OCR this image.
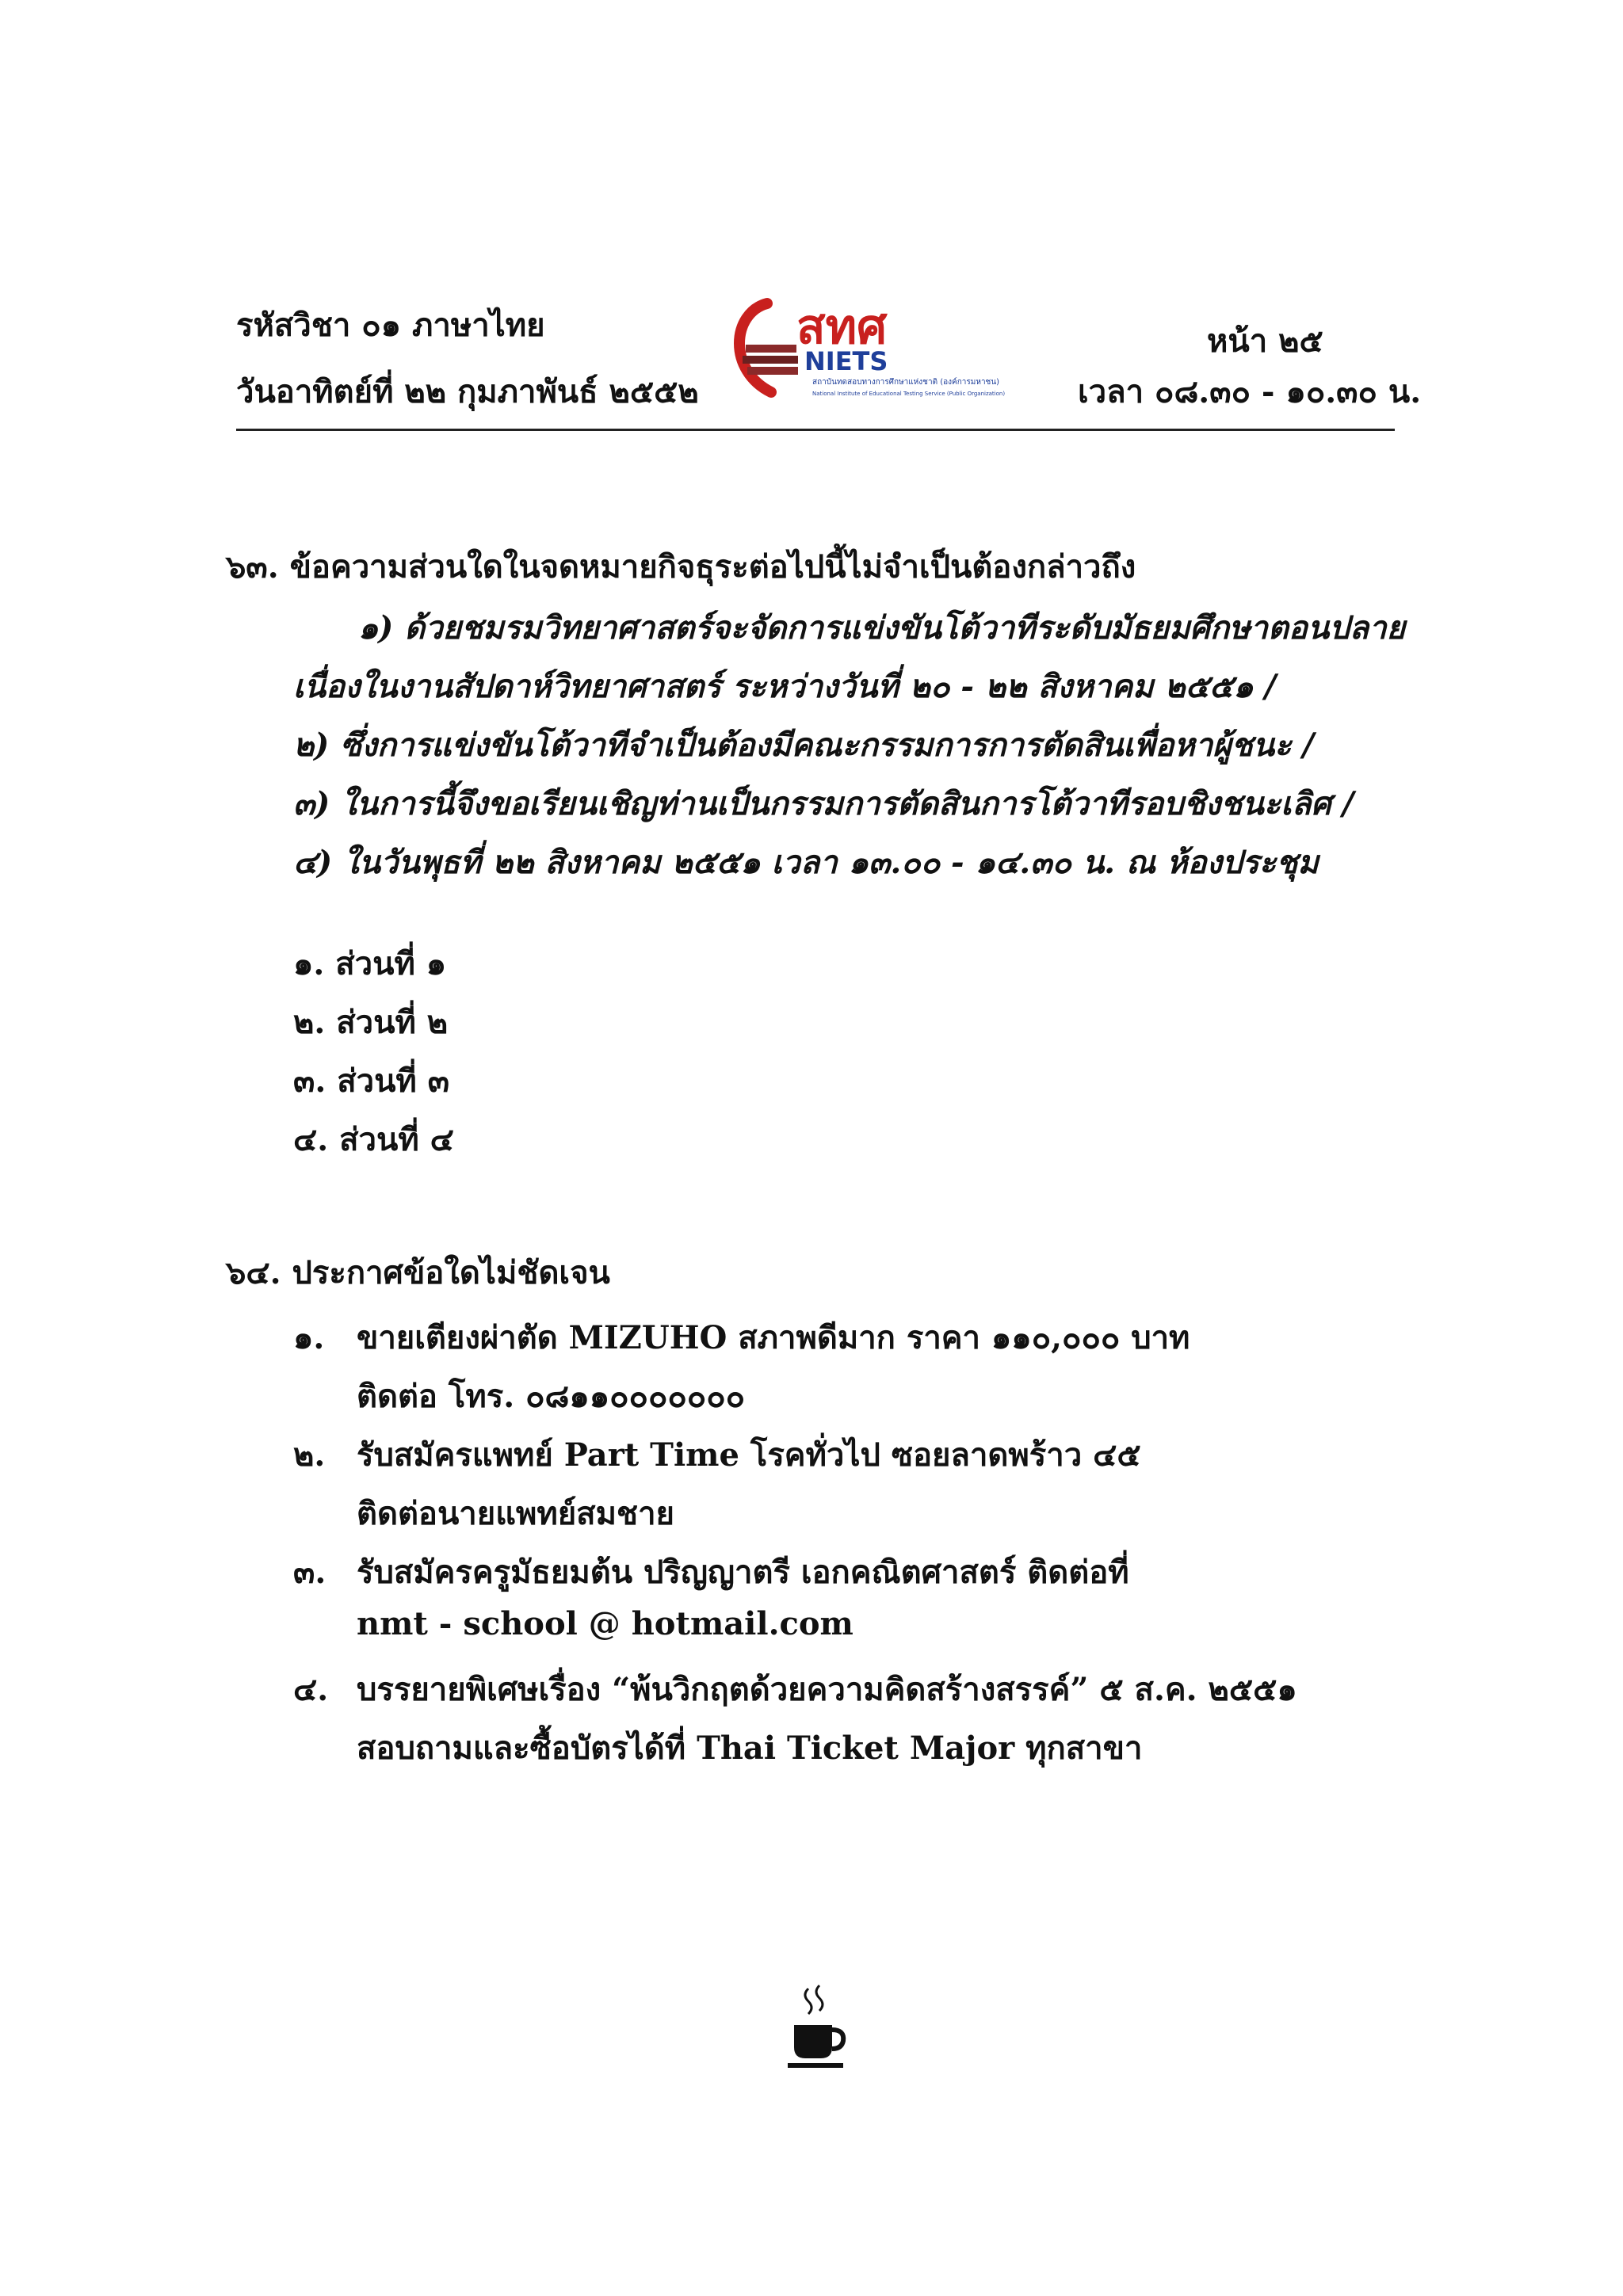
รหัสวิชา ๐๑ ภาษาไทย
วันอาทิตย์ที่ ๒๒ กุมภาพันธ์ ๒๕๕๒
หน้า ๒๕
เวลา ๐๘.๓๐ - ๑๐.๓๐ น.
สทศ
NIETS
สถาบันทดสอบทางการศึกษาแห่งชาติ (องค์การมหาชน)
National Institute of Educational Testing Service (Public Organization)
๖๓. ข้อความส่วนใดในจดหมายกิจธุระต่อไปนี้ไม่จำเป็นต้องกล่าวถึง
๑) ด้วยชมรมวิทยาศาสตร์จะจัดการแข่งขันโต้วาทีระดับมัธยมศึกษาตอนปลาย
เนื่องในงานสัปดาห์วิทยาศาสตร์ ระหว่างวันที่ ๒๐ - ๒๒ สิงหาคม ๒๕๕๑ /
๒) ซึ่งการแข่งขันโต้วาทีจำเป็นต้องมีคณะกรรมการการตัดสินเพื่อหาผู้ชนะ /
๓) ในการนี้จึงขอเรียนเชิญท่านเป็นกรรมการตัดสินการโต้วาทีรอบชิงชนะเลิศ /
๔) ในวันพุธที่ ๒๒ สิงหาคม ๒๕๕๑ เวลา ๑๓.๐๐ - ๑๔.๓๐ น. ณ ห้องประชุม
๑. ส่วนที่ ๑
๒. ส่วนที่ ๒
๓. ส่วนที่ ๓
๔. ส่วนที่ ๔
๖๔. ประกาศข้อใดไม่ชัดเจน
๑. ขายเตียงผ่าตัด MIZUHO สภาพดีมาก ราคา ๑๑๐,๐๐๐ บาท
ติดต่อ โทร. ๐๘๑๑๐๐๐๐๐๐๐
๒. รับสมัครแพทย์ Part Time โรคทั่วไป ซอยลาดพร้าว ๔๕
ติดต่อนายแพทย์สมชาย
๓. รับสมัครครูมัธยมต้น ปริญญาตรี เอกคณิตศาสตร์ ติดต่อที่
nmt - school @ hotmail.com
๔. บรรยายพิเศษเรื่อง “พ้นวิกฤตด้วยความคิดสร้างสรรค์” ๕ ส.ค. ๒๕๕๑
สอบถามและซื้อบัตรได้ที่ Thai Ticket Major ทุกสาขา
